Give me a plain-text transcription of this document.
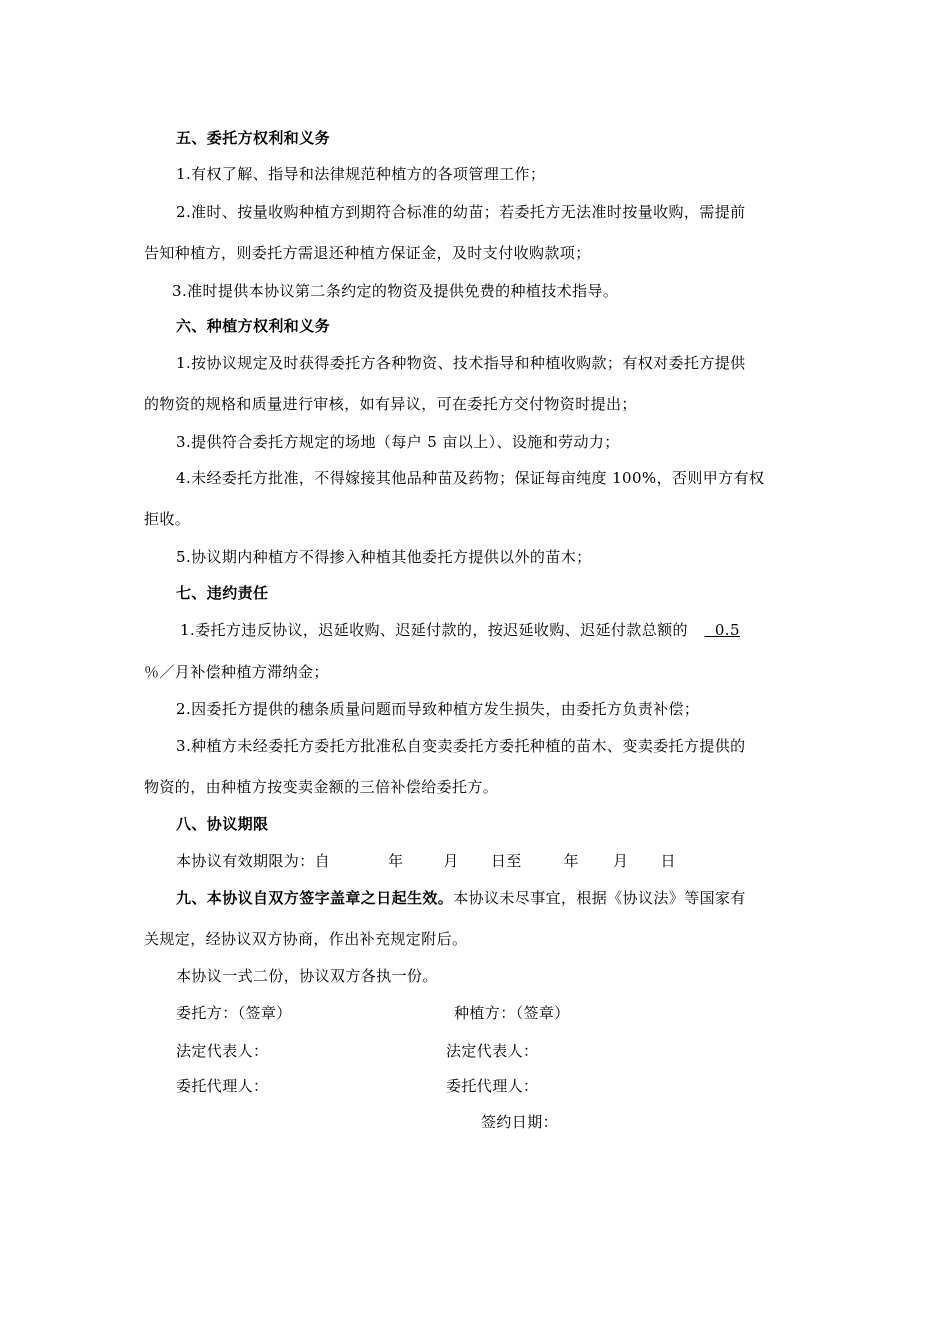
五、委托方权利和义务
1.有权了解、指导和法律规范种植方的各项管理工作；
2.准时、按量收购种植方到期符合标准的幼苗；若委托方无法准时按量收购，需提前
告知种植方，则委托方需退还种植方保证金，及时支付收购款项；
3.准时提供本协议第二条约定的物资及提供免费的种植技术指导。
六、种植方权利和义务
1.按协议规定及时获得委托方各种物资、技术指导和种植收购款；有权对委托方提供
的物资的规格和质量进行审核，如有异议，可在委托方交付物资时提出；
3.提供符合委托方规定的场地（每户 5 亩以上）、设施和劳动力；
4.未经委托方批准，不得嫁接其他品种苗及药物；保证每亩纯度 100%，否则甲方有权
拒收。
5.协议期内种植方不得掺入种植其他委托方提供以外的苗木；
七、违约责任
1.委托方违反协议，迟延收购、迟延付款的，按迟延收购、迟延付款总额的  0.5
％／月补偿种植方滞纳金；
2.因委托方提供的穗条质量问题而导致种植方发生损失，由委托方负责补偿；
3.种植方未经委托方委托方批准私自变卖委托方委托种植的苗木、变卖委托方提供的
物资的，由种植方按变卖金额的三倍补偿给委托方。
八、协议期限
本协议有效期限为：自	年	月 日至	年 月 日
九、本协议自双方签字盖章之日起生效。本协议未尽事宜，根据《协议法》等国家有
关规定，经协议双方协商，作出补充规定附后。
本协议一式二份，协议双方各执一份。
委托方：（签章）	种植方：（签章）
法定代表人：	法定代表人：
委托代理人：	委托代理人：
签约日期：
